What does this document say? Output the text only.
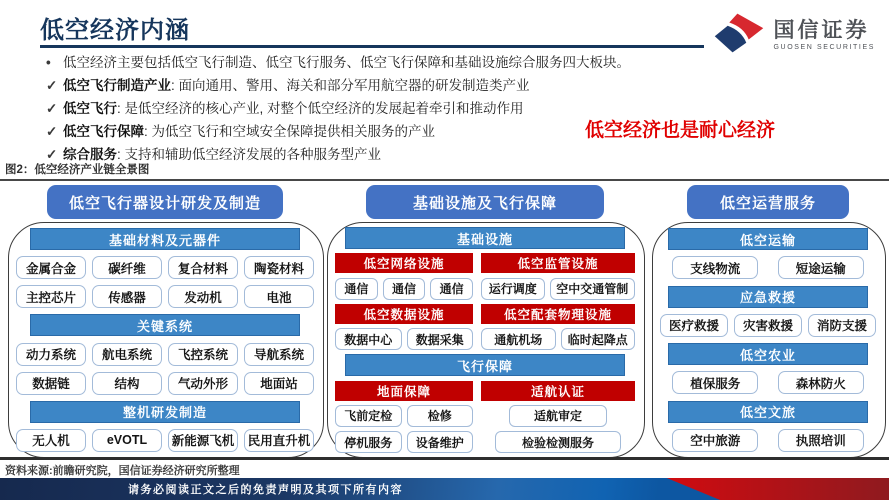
低空经济内涵	国信证券
GUOSEN SECURITIES
• 低空经济主要包括低空飞行制造、低空飞行服务、低空飞行保障和基础设施综合服务四大板块。
✓ 低空飞行制造产业: 面向通用、警用、海关和部分军用航空器的研发制造类产业
✓ 低空飞行: 是低空经济的核心产业, 对整个低空经济的发展起着牵引和推动作用
✓ 低空飞行保障: 为低空飞行和空域安全保障提供相关服务的产业
✓ 综合服务: 支持和辅助低空经济发展的各种服务型产业
低空经济也是耐心经济
图2：低空经济产业链全景图
低空飞行器设计研发及制造
基础材料及元器件
金属合金	碳纤维	复合材料	陶瓷材料
主控芯片	传感器	发动机	电池
关键系统
动力系统	航电系统	飞控系统	导航系统
数据链	结构	气动外形	地面站
整机研发制造
无人机	eVOTL	新能源飞机	民用直升机
基础设施及飞行保障
基础设施
低空网络设施	低空监管设施
通信	通信	通信	运行调度	空中交通管制
低空数据设施	低空配套物理设施
数据中心	数据采集	通航机场	临时起降点
飞行保障
地面保障	适航认证
飞前定检	检修	适航审定
停机服务	设备维护	检验检测服务
低空运营服务
低空运输
支线物流	短途运输
应急救援
医疗救援	灾害救援	消防支援
低空农业
植保服务	森林防火
低空文旅
空中旅游	执照培训
资料来源:前瞻研究院，国信证券经济研究所整理
请务必阅读正文之后的免责声明及其项下所有内容
